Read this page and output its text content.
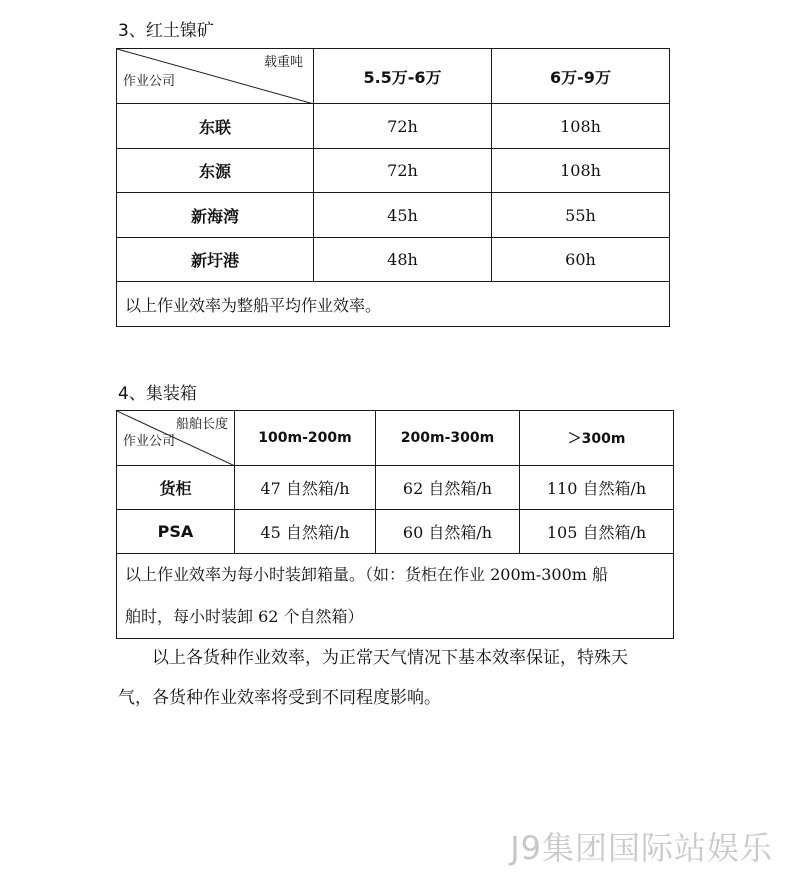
3、红土镍矿
载重吨
作业公司	5.5万-6万	6万-9万
东联	72h	108h
东源	72h	108h
新海湾	45h	55h
新圩港	48h	60h
以上作业效率为整船平均作业效率。		
4、集装箱
船舶长度
作业公司	100m-200m	200m-300m	＞300m
货柜	47 自然箱/h	62 自然箱/h	110 自然箱/h
PSA	45 自然箱/h	60 自然箱/h	105 自然箱/h

以上作业效率为每小时装卸箱量。（如：货柜在作业 200m-300m 船
舶时，每小时装卸 62 个自然箱）			
以上各货种作业效率，为正常天气情况下基本效率保证，特殊天
气，各货种作业效率将受到不同程度影响。
J9集团国际站娱乐
